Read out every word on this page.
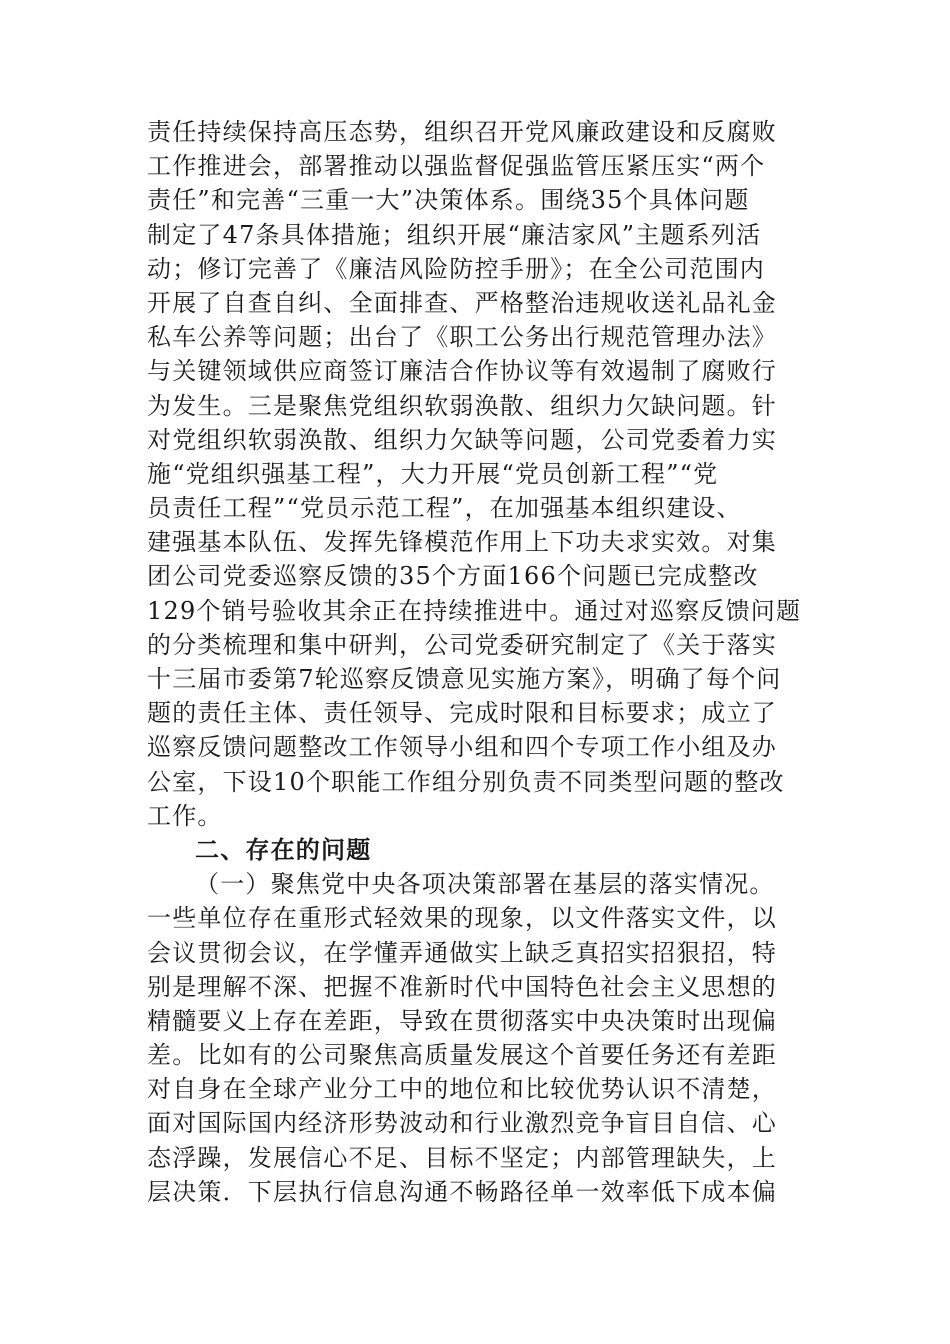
责任持续保持高压态势，组织召开党风廉政建设和反腐败
工作推进会，部署推动以强监督促强监管压紧压实“两个
责任”和完善“三重一大”决策体系。围绕35个具体问题
制定了47条具体措施；组织开展“廉洁家风”主题系列活
动；修订完善了《廉洁风险防控手册》；在全公司范围内
开展了自查自纠、全面排查、严格整治违规收送礼品礼金
私车公养等问题；出台了《职工公务出行规范管理办法》
与关键领域供应商签订廉洁合作协议等有效遏制了腐败行
为发生。三是聚焦党组织软弱涣散、组织力欠缺问题。针
对党组织软弱涣散、组织力欠缺等问题，公司党委着力实
施“党组织强基工程”，大力开展“党员创新工程”“党
员责任工程”“党员示范工程”，在加强基本组织建设、
建强基本队伍、发挥先锋模范作用上下功夫求实效。对集
团公司党委巡察反馈的35个方面166个问题已完成整改
129个销号验收其余正在持续推进中。通过对巡察反馈问题
的分类梳理和集中研判，公司党委研究制定了《关于落实
十三届市委第7轮巡察反馈意见实施方案》，明确了每个问
题的责任主体、责任领导、完成时限和目标要求；成立了
巡察反馈问题整改工作领导小组和四个专项工作小组及办
公室，下设10个职能工作组分别负责不同类型问题的整改
工作。
二、存在的问题
（一）聚焦党中央各项决策部署在基层的落实情况。
一些单位存在重形式轻效果的现象，以文件落实文件，以
会议贯彻会议，在学懂弄通做实上缺乏真招实招狠招，特
别是理解不深、把握不准新时代中国特色社会主义思想的
精髓要义上存在差距，导致在贯彻落实中央决策时出现偏
差。比如有的公司聚焦高质量发展这个首要任务还有差距
对自身在全球产业分工中的地位和比较优势认识不清楚，
面对国际国内经济形势波动和行业激烈竞争盲目自信、心
态浮躁，发展信心不足、目标不坚定；内部管理缺失，上
层决策．下层执行信息沟通不畅路径单一效率低下成本偏
